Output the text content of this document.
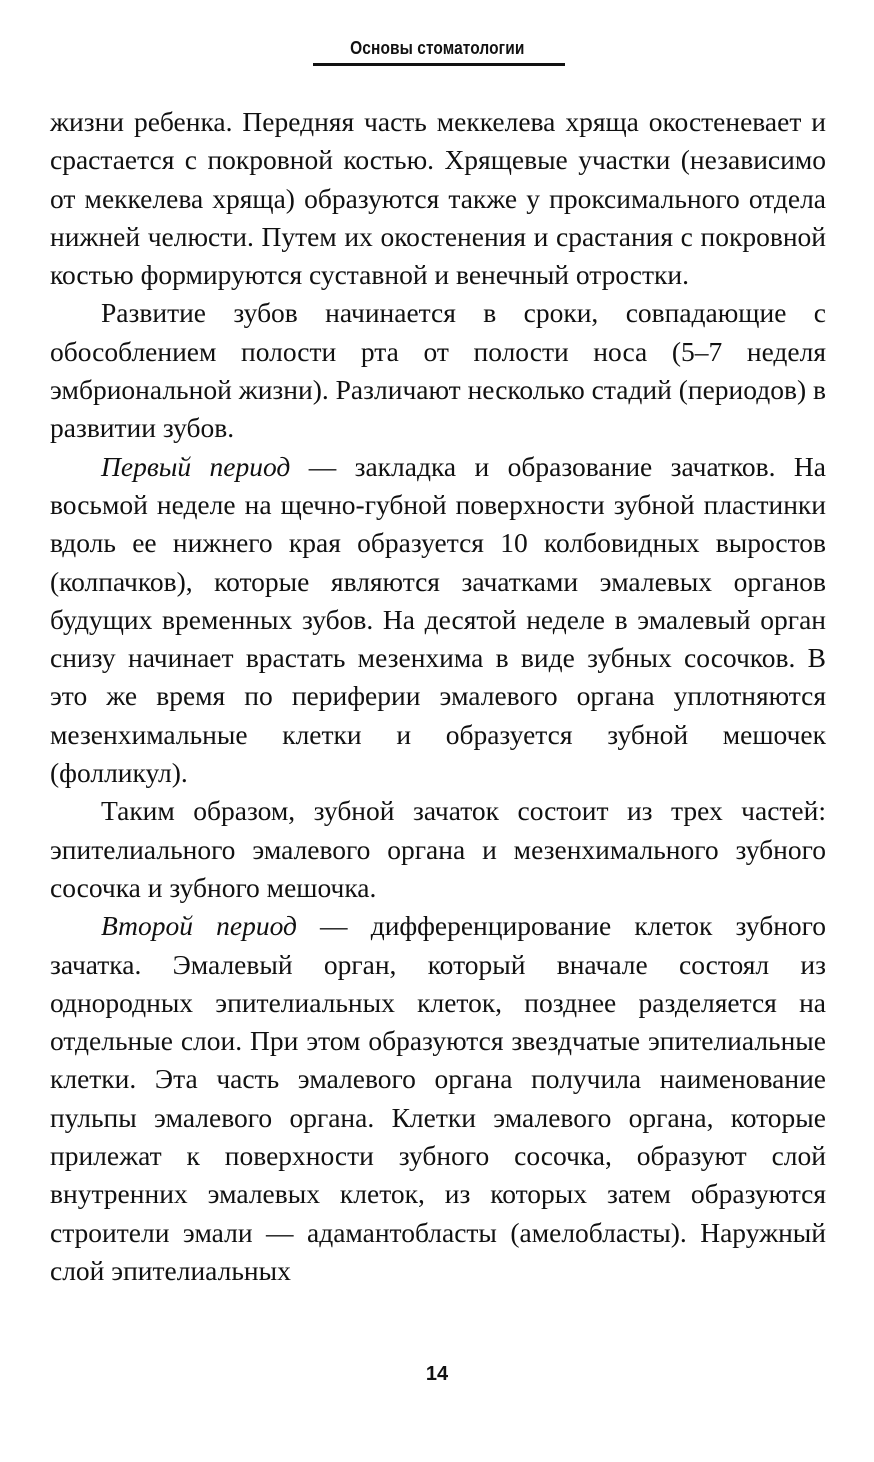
Основы стоматологии

жизни ребенка. Передняя часть меккелева хряща окостеневает и срастается с покровной костью. Хрящевые участки (независимо от меккелева хряща) образуются также у проксимального отдела нижней челюсти. Путем их окостенения и срастания с покровной костью формируются суставной и венечный отростки.

Развитие зубов начинается в сроки, совпадающие с обособлением полости рта от полости носа (5–7 неделя эмбриональной жизни). Различают несколько стадий (периодов) в развитии зубов.

Первый период — закладка и образование зачатков. На восьмой неделе на щечно-губной поверхности зубной пластинки вдоль ее нижнего края образуется 10 колбовидных выростов (колпачков), которые являются зачатками эмалевых органов будущих временных зубов. На десятой неделе в эмалевый орган снизу начинает врастать мезенхима в виде зубных сосочков. В это же время по периферии эмалевого органа уплотняются мезенхимальные клетки и образуется зубной мешочек (фолликул).

Таким образом, зубной зачаток состоит из трех частей: эпителиального эмалевого органа и мезенхимального зубного сосочка и зубного мешочка.

Второй период — дифференцирование клеток зубного зачатка. Эмалевый орган, который вначале состоял из однородных эпителиальных клеток, позднее разделяется на отдельные слои. При этом образуются звездчатые эпителиальные клетки. Эта часть эмалевого органа получила наименование пульпы эмалевого органа. Клетки эмалевого органа, которые прилежат к поверхности зубного сосочка, образуют слой внутренних эмалевых клеток, из которых затем образуются строители эмали — адамантобласты (амелобласты). Наружный слой эпителиальных

14
